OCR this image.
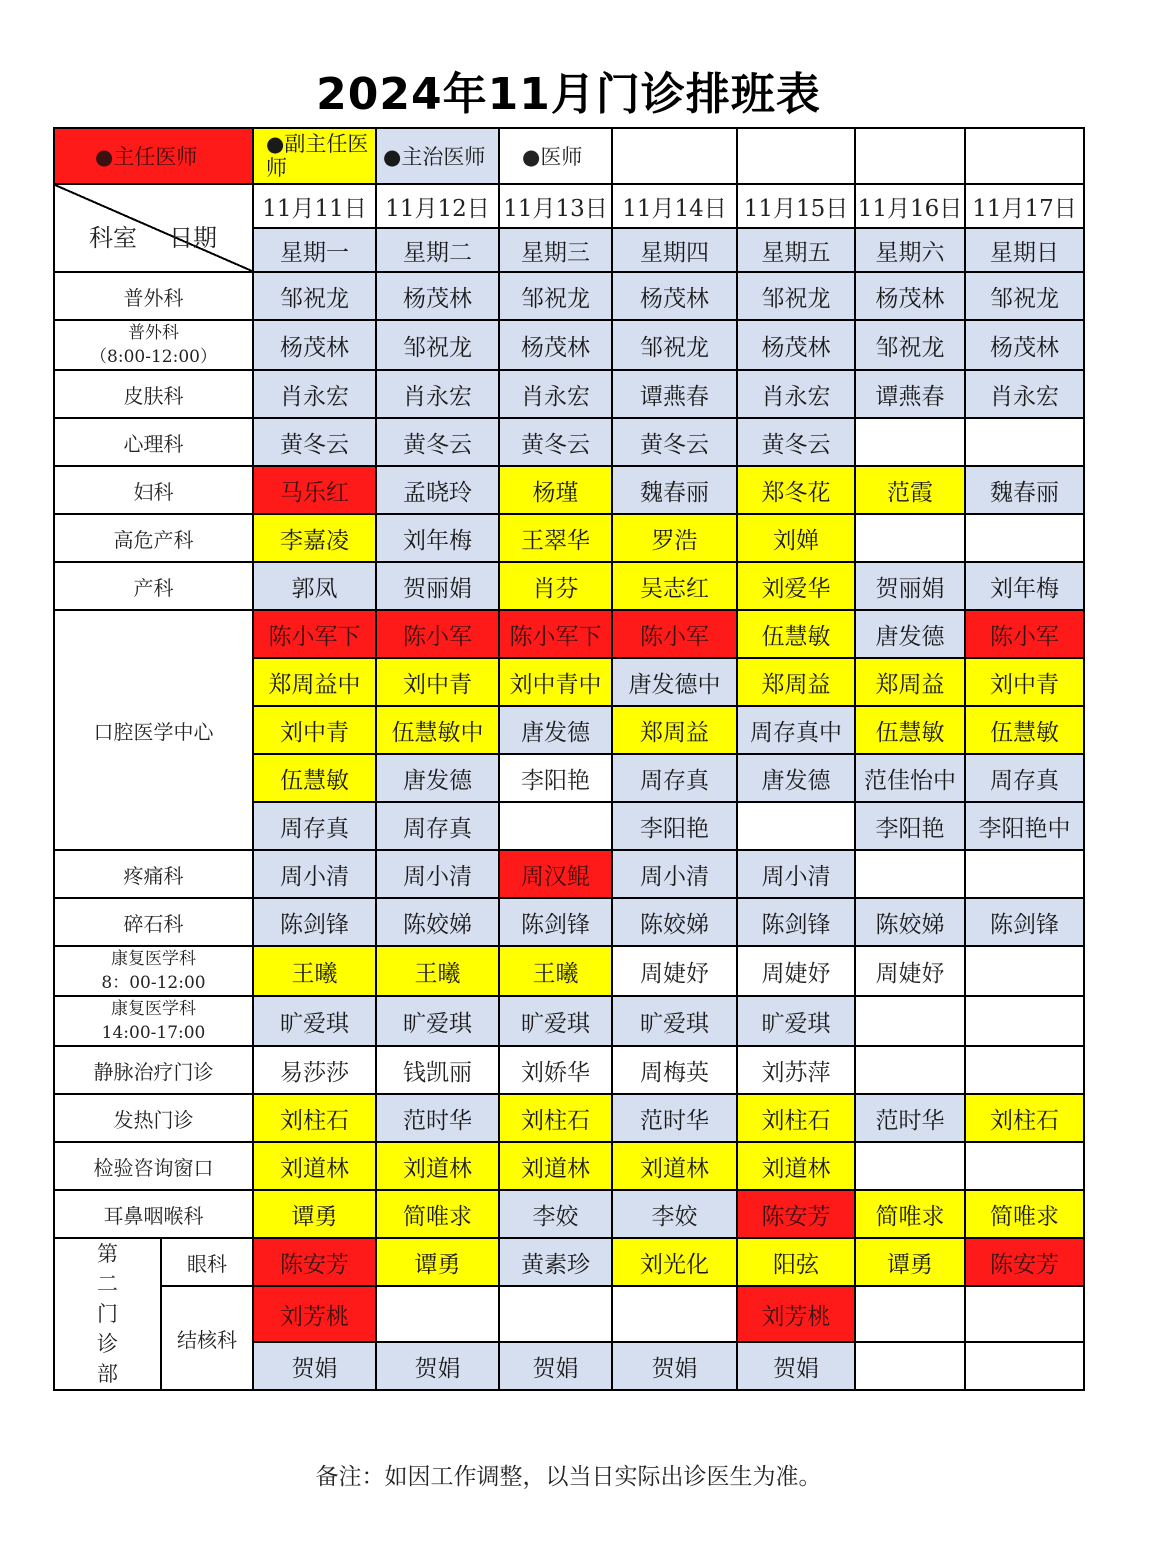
2024年11月门诊排班表
●主任医师		●副主任医师	●主治医师	●医师				

科室 日期		11月11日	11月12日	11月13日	11月14日	11月15日	11月16日	11月17日
		星期一	星期二	星期三	星期四	星期五	星期六	星期日
普外科		邹祝龙	杨茂林	邹祝龙	杨茂林	邹祝龙	杨茂林	邹祝龙

普外科
（8:00-12:00）		杨茂林	邹祝龙	杨茂林	邹祝龙	杨茂林	邹祝龙	杨茂林
皮肤科		肖永宏	肖永宏	肖永宏	谭燕春	肖永宏	谭燕春	肖永宏
心理科		黄冬云	黄冬云	黄冬云	黄冬云	黄冬云		
妇科		马乐红	孟晓玲	杨瑾	魏春丽	郑冬花	范霞	魏春丽
高危产科		李嘉凌	刘年梅	王翠华	罗浩	刘婵		
产科		郭凤	贺丽娟	肖芬	吴志红	刘爱华	贺丽娟	刘年梅
口腔医学中心		陈小军下	陈小军	陈小军下	陈小军	伍慧敏	唐发德	陈小军
		郑周益中	刘中青	刘中青中	唐发德中	郑周益	郑周益	刘中青
		刘中青	伍慧敏中	唐发德	郑周益	周存真中	伍慧敏	伍慧敏
		伍慧敏	唐发德	李阳艳	周存真	唐发德	范佳怡中	周存真
		周存真	周存真		李阳艳		李阳艳	李阳艳中
疼痛科		周小清	周小清	周汉鲲	周小清	周小清		
碎石科		陈剑锋	陈姣娣	陈剑锋	陈姣娣	陈剑锋	陈姣娣	陈剑锋

康复医学科
8：00-12:00		王曦	王曦	王曦	周婕妤	周婕妤	周婕妤	

康复医学科
14:00-17:00		旷爱琪	旷爱琪	旷爱琪	旷爱琪	旷爱琪		
静脉治疗门诊		易莎莎	钱凯丽	刘娇华	周梅英	刘苏萍		
发热门诊		刘柱石	范时华	刘柱石	范时华	刘柱石	范时华	刘柱石
检验咨询窗口		刘道林	刘道林	刘道林	刘道林	刘道林		
耳鼻咽喉科		谭勇	简唯求	李姣	李姣	陈安芳	简唯求	简唯求

第
二
门
诊
部	眼科	陈安芳	谭勇	黄素珍	刘光化	阳弦	谭勇	陈安芳
	结核科	刘芳桃				刘芳桃		
		贺娟	贺娟	贺娟	贺娟	贺娟		
备注：如因工作调整，以当日实际出诊医生为准。
